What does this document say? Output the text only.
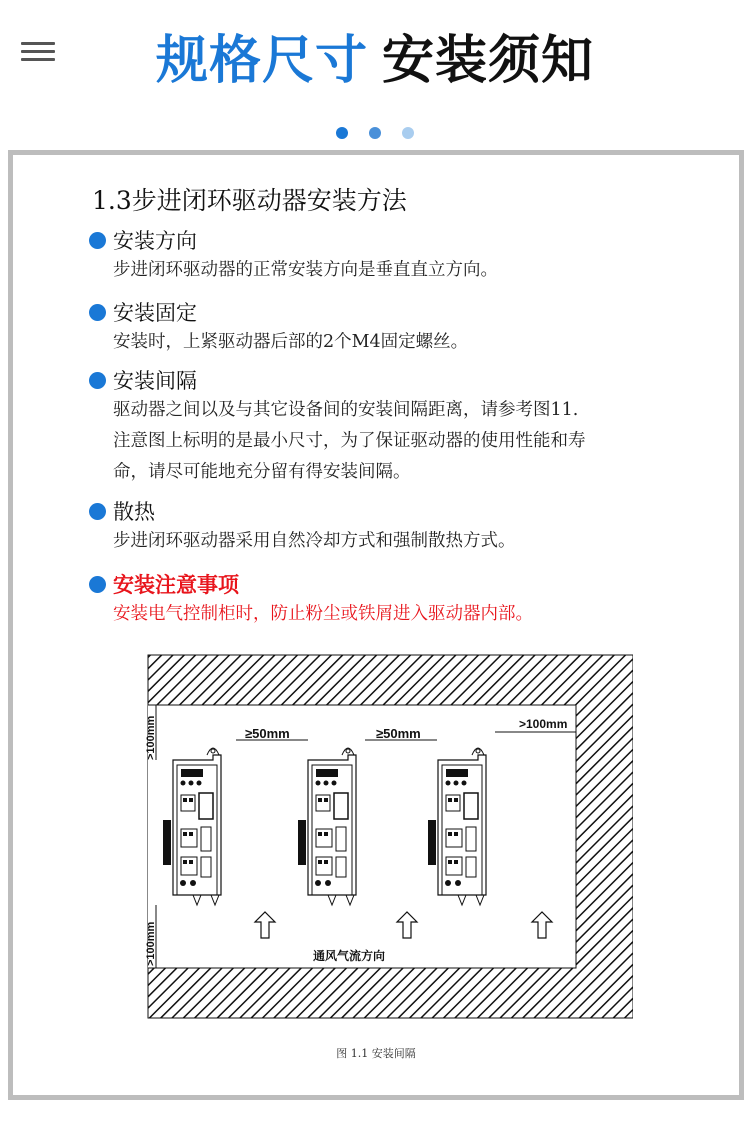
规格尺寸 安装须知

1.3步进闭环驱动器安装方法
安装方向
步进闭环驱动器的正常安装方向是垂直直立方向。
安装固定
安装时，上紧驱动器后部的2个M4固定螺丝。
安装间隔
驱动器之间以及与其它设备间的安装间隔距离，请参考图11.
注意图上标明的是最小尺寸，为了保证驱动器的使用性能和寿
命，请尽可能地充分留有得安装间隔。
散热
步进闭环驱动器采用自然冷却方式和强制散热方式。
安装注意事项
安装电气控制柜时，防止粉尘或铁屑进入驱动器内部。
>100mm
>100mm
≥50mm	≥50mm
>100mm
通风气流方向
图 1.1 安装间隔
